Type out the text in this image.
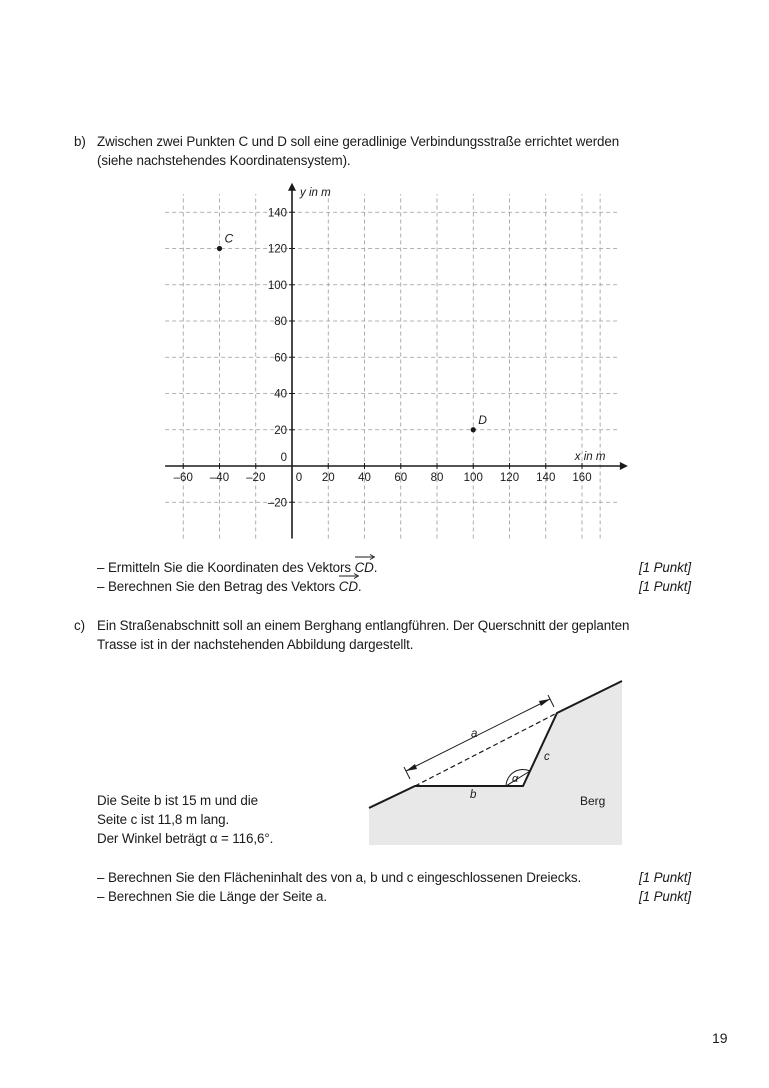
b) Zwischen zwei Punkten C und D soll eine geradlinige Verbindungsstraße errichtet werden
(siehe nachstehendes Koordinatensystem).
–60 –40 –20	0 20 40 60 80 100 120 140 160
–20
0
20
40
60
80
100
120
140
C
D
x in m
y in m
– Ermitteln Sie die Koordinaten des Vektors
CD.	[1 Punkt]
– Berechnen Sie den Betrag des Vektors
CD.	[1 Punkt]
c) Ein Straßenabschnitt soll an einem Berghang entlangführen. Der Querschnitt der geplanten
Trasse ist in der nachstehenden Abbildung dargestellt.
a
b
c
α
Berg
Die Seite b ist 15 m und die
Seite c ist 11,8 m lang.
Der Winkel beträgt α = 116,6°.
– Berechnen Sie den Flächeninhalt des von a, b und c eingeschlossenen Dreiecks.	[1 Punkt]
– Berechnen Sie die Länge der Seite a.	[1 Punkt]
19
